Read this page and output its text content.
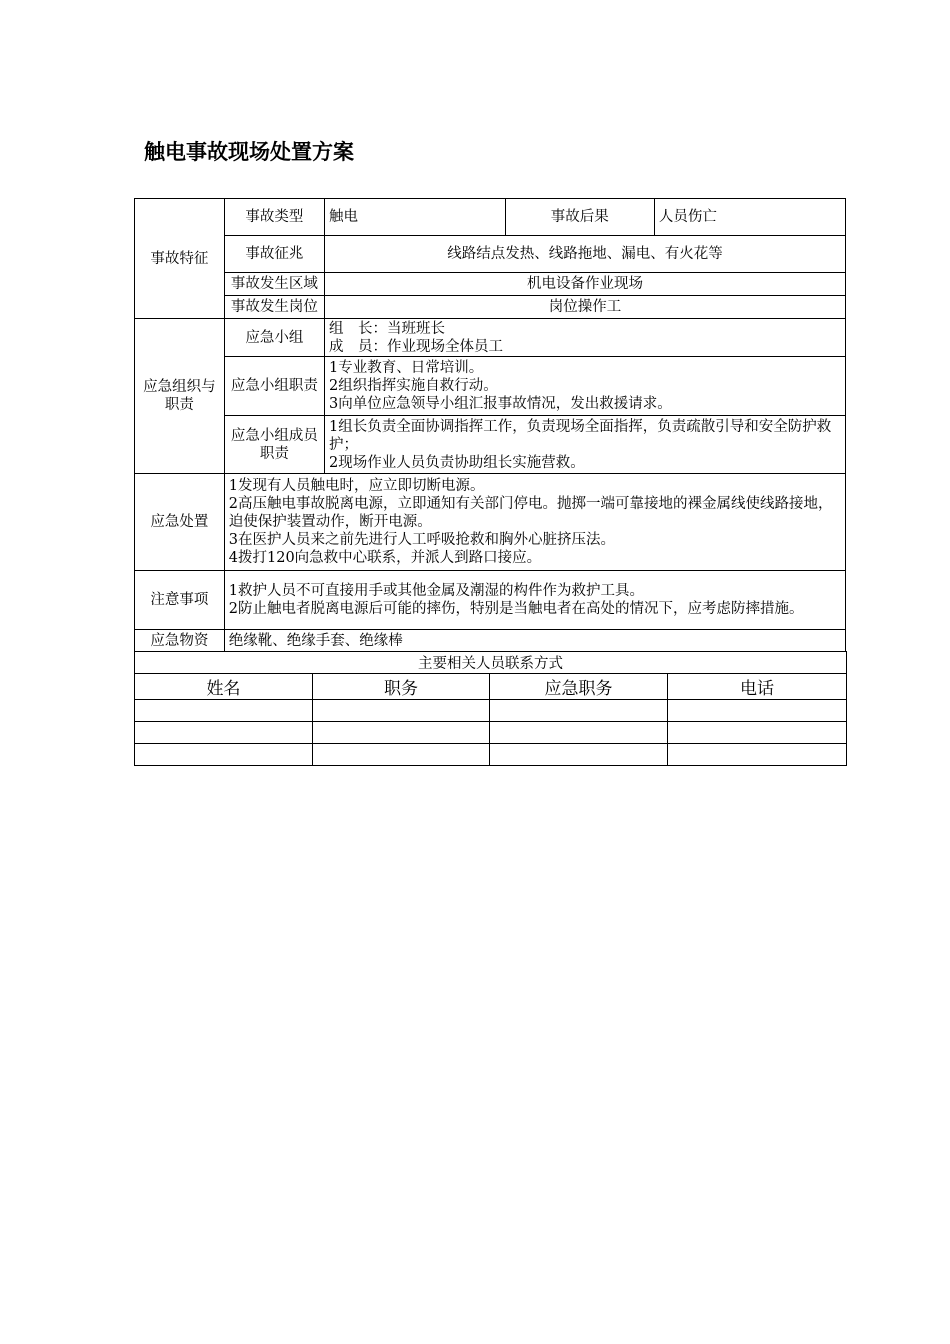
触电事故现场处置方案
事故特征	事故类型	触电	事故后果	人员伤亡
	事故征兆	线路结点发热、线路拖地、漏电、有火花等		
	事故发生区域	机电设备作业现场		
	事故发生岗位	岗位操作工		
应急组织与职责	应急小组	组　长：当班班长
成　员：作业现场全体员工		

	应急小组职责	1专业教育、日常培训。
2组织指挥实施自救行动。
3向单位应急领导小组汇报事故情况，发出救援请求。		

	应急小组成员职责	1组长负责全面协调指挥工作，负责现场全面指挥，负责疏散引导和安全防护救护；
2现场作业人员负责协助组长实施营救。		

应急处置	1发现有人员触电时，应立即切断电源。
2高压触电事故脱离电源，立即通知有关部门停电。抛掷一端可靠接地的裸金属线使线路接地，迫使保护装置动作，断开电源。
3在医护人员来之前先进行人工呼吸抢救和胸外心脏挤压法。
4拨打120向急救中心联系，并派人到路口接应。			

注意事项	1救护人员不可直接用手或其他金属及潮湿的构件作为救护工具。
2防止触电者脱离电源后可能的摔伤，特别是当触电者在高处的情况下，应考虑防摔措施。			

应急物资	绝缘靴、绝缘手套、绝缘棒			
主要相关人员联系方式			
姓名	职务	应急职务	电话
